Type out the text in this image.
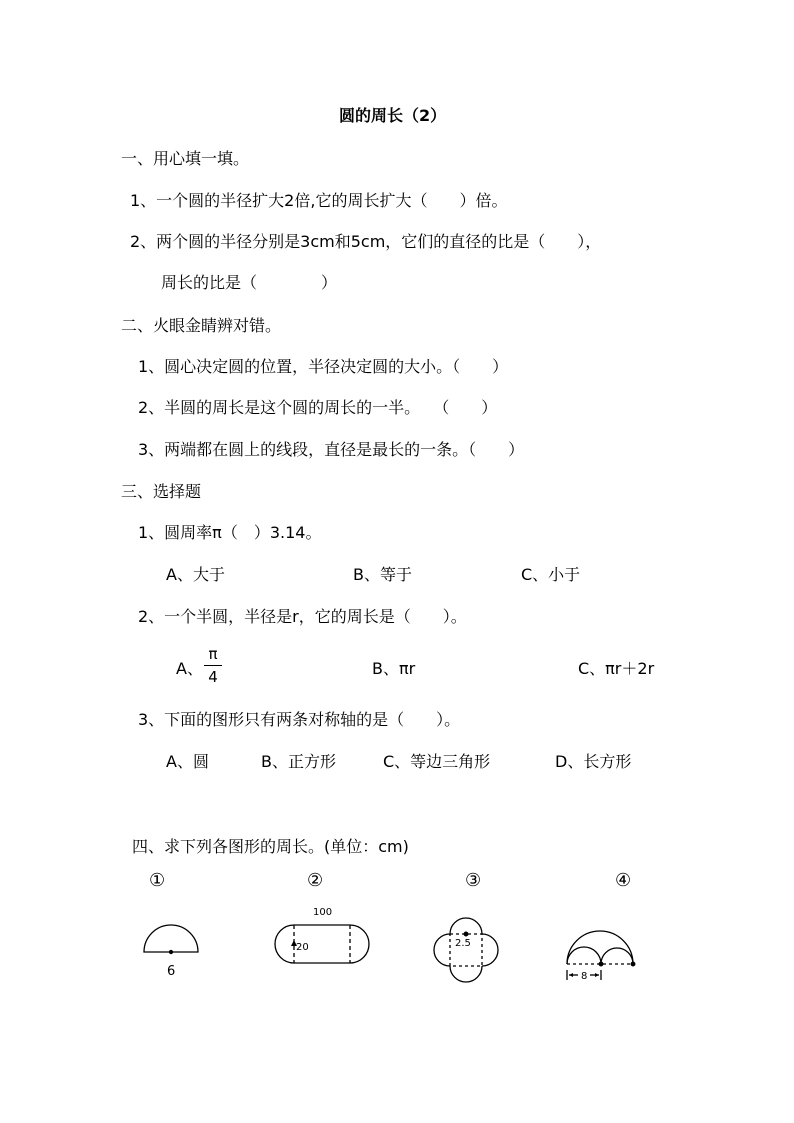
圆的周长（2）
一、用心填一填。
1、一个圆的半径扩大2倍,它的周长扩大（　　）倍。
2、两个圆的半径分别是3cm和5cm，它们的直径的比是（　　），
周长的比是（　　　　）
二、火眼金睛辨对错。
1、圆心决定圆的位置，半径决定圆的大小。（　　）
2、半圆的周长是这个圆的周长的一半。　 （　　）
3、两端都在圆上的线段，直径是最长的一条。（　　）
三、选择题
1、圆周率π（　）3.14。
A、大于	B、等于	C、小于
2、一个半圆，半径是r，它的周长是（　　）。
A、
π
4	B、πr	C、πr＋2r
3、下面的图形只有两条对称轴的是（　　）。
A、圆	B、正方形	C、等边三角形	D、长方形
四、求下列各图形的周长。(单位：cm)
①	②	③	④
6
100
20	2.5
8
